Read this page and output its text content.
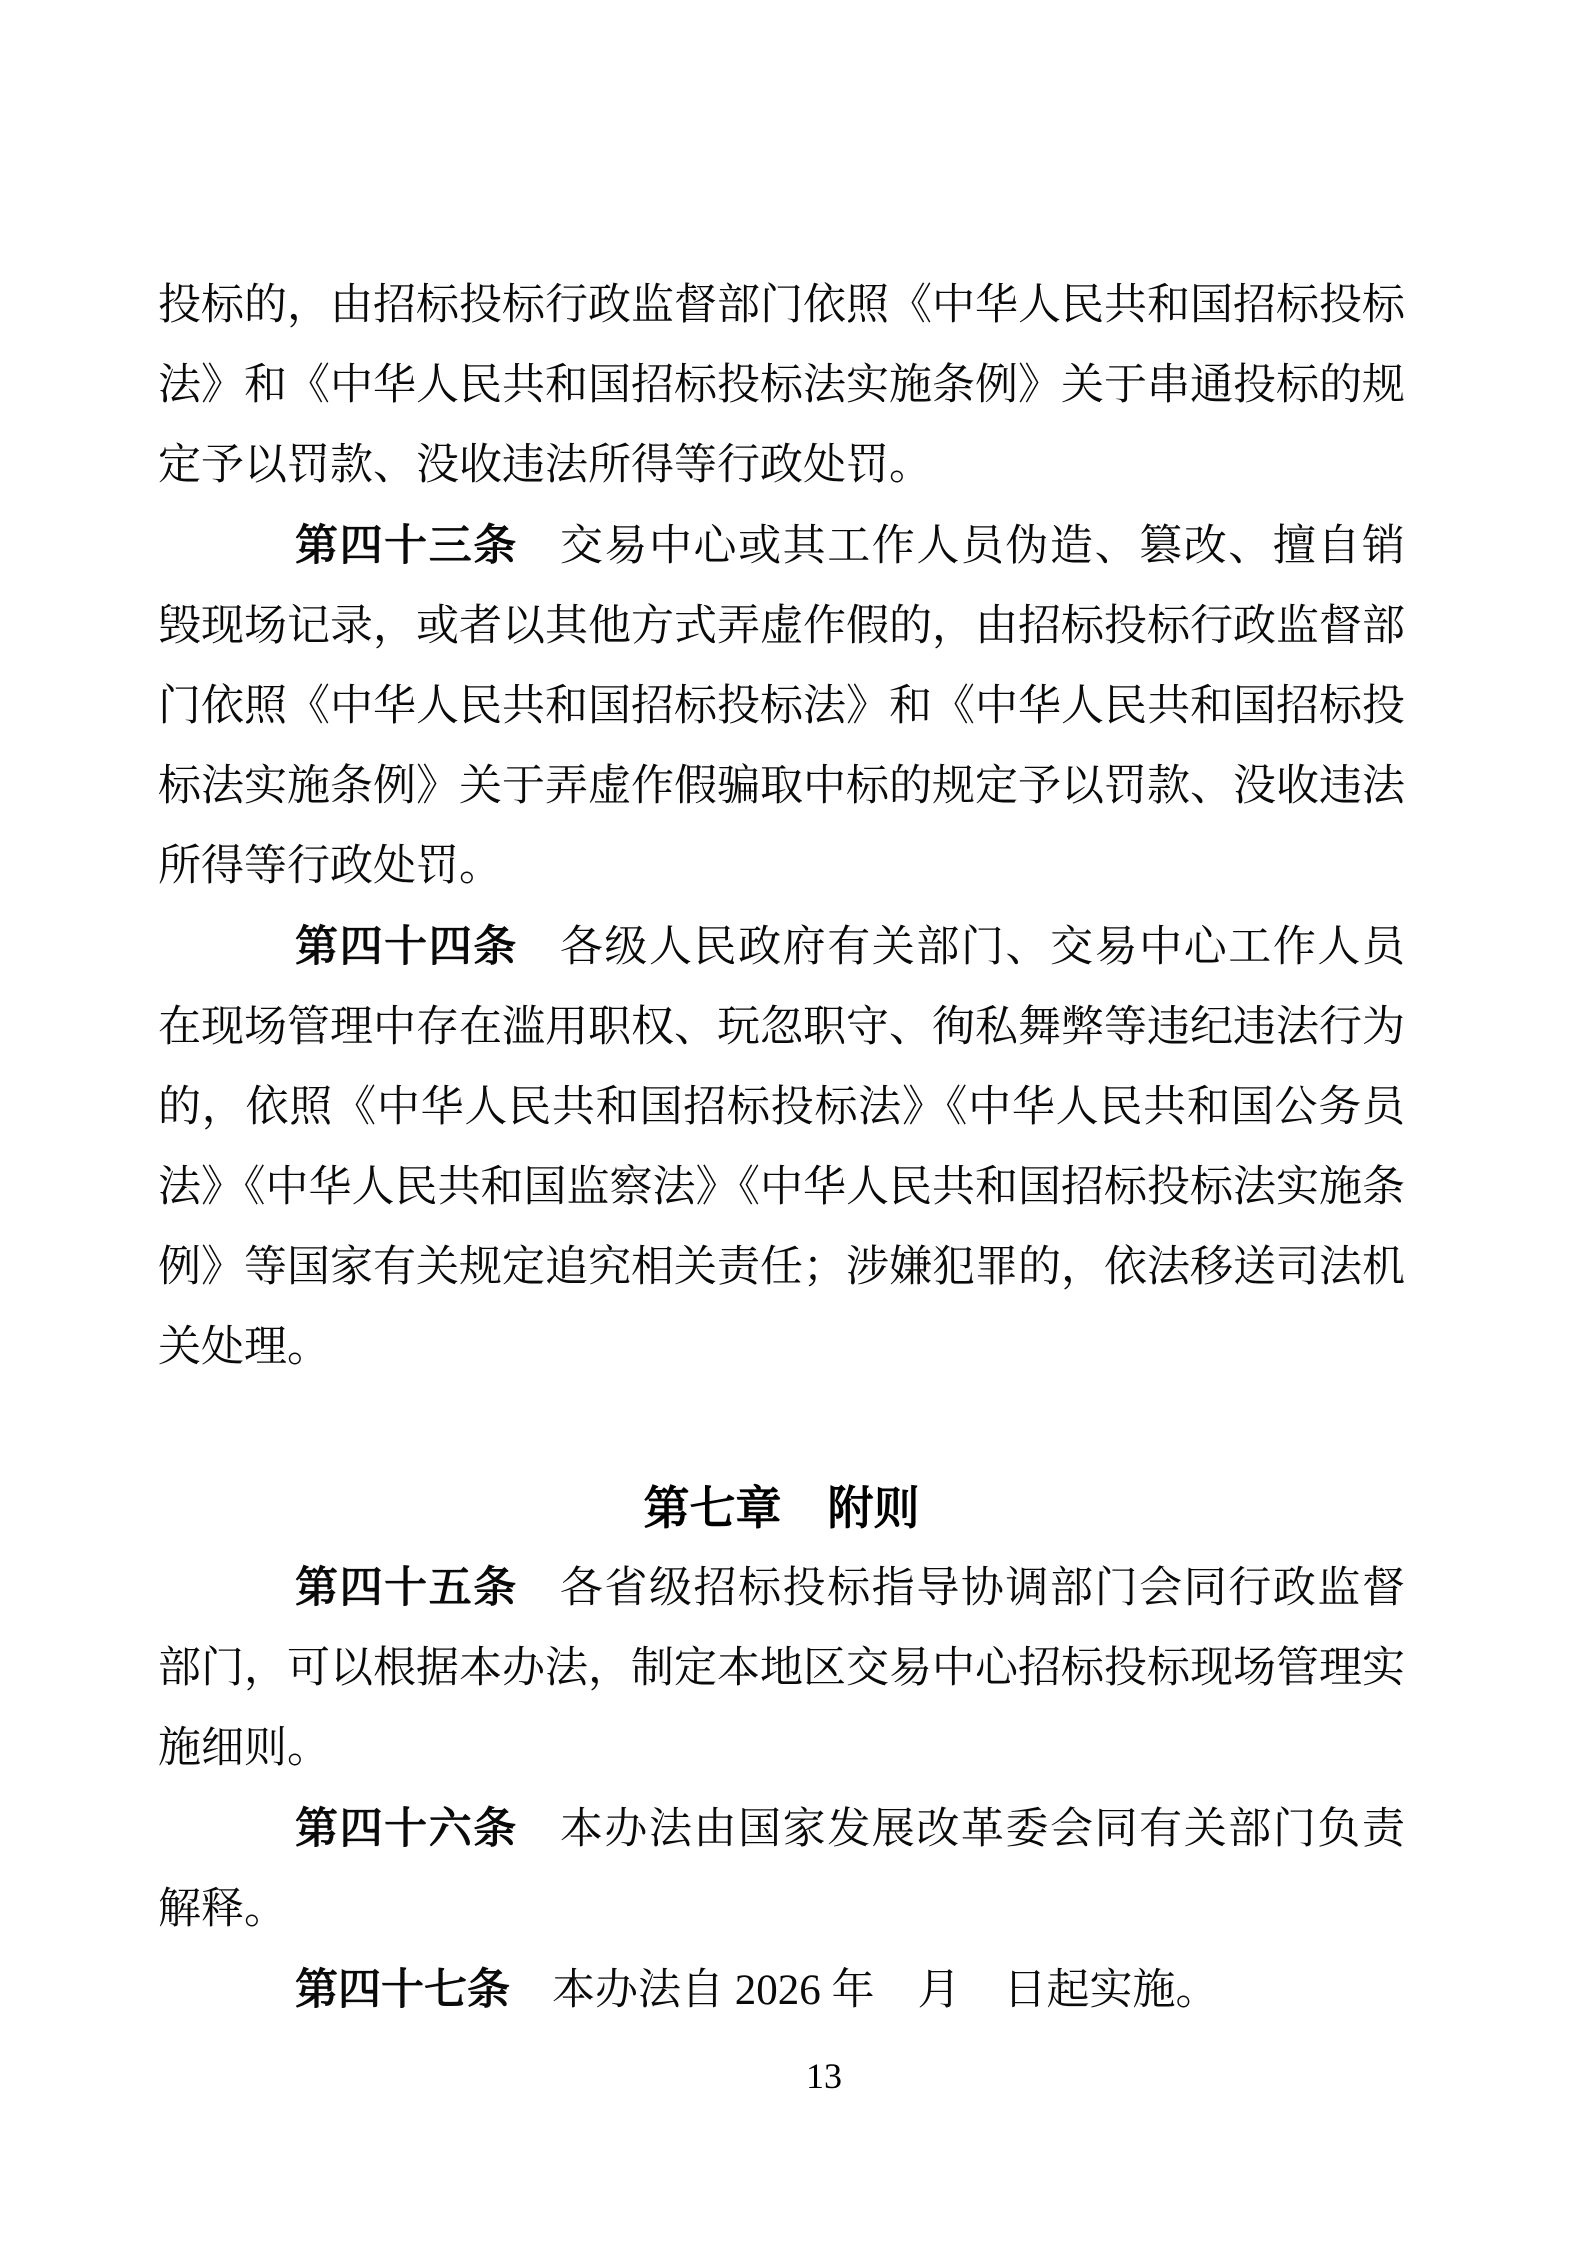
投标的，由招标投标行政监督部门依照《中华人民共和国招标投标法》和《中华人民共和国招标投标法实施条例》关于串通投标的规定予以罚款、没收违法所得等行政处罚。

第四十三条 交易中心或其工作人员伪造、篡改、擅自销毁现场记录，或者以其他方式弄虚作假的，由招标投标行政监督部门依照《中华人民共和国招标投标法》和《中华人民共和国招标投标法实施条例》关于弄虚作假骗取中标的规定予以罚款、没收违法所得等行政处罚。

第四十四条 各级人民政府有关部门、交易中心工作人员在现场管理中存在滥用职权、玩忽职守、徇私舞弊等违纪违法行为的，依照《中华人民共和国招标投标法》《中华人民共和国公务员法》《中华人民共和国监察法》《中华人民共和国招标投标法实施条例》等国家有关规定追究相关责任；涉嫌犯罪的，依法移送司法机关处理。

第七章　附则

第四十五条 各省级招标投标指导协调部门会同行政监督部门，可以根据本办法，制定本地区交易中心招标投标现场管理实施细则。

第四十六条 本办法由国家发展改革委会同有关部门负责解释。

第四十七条 本办法自 2026 年　月　日起实施。

13
